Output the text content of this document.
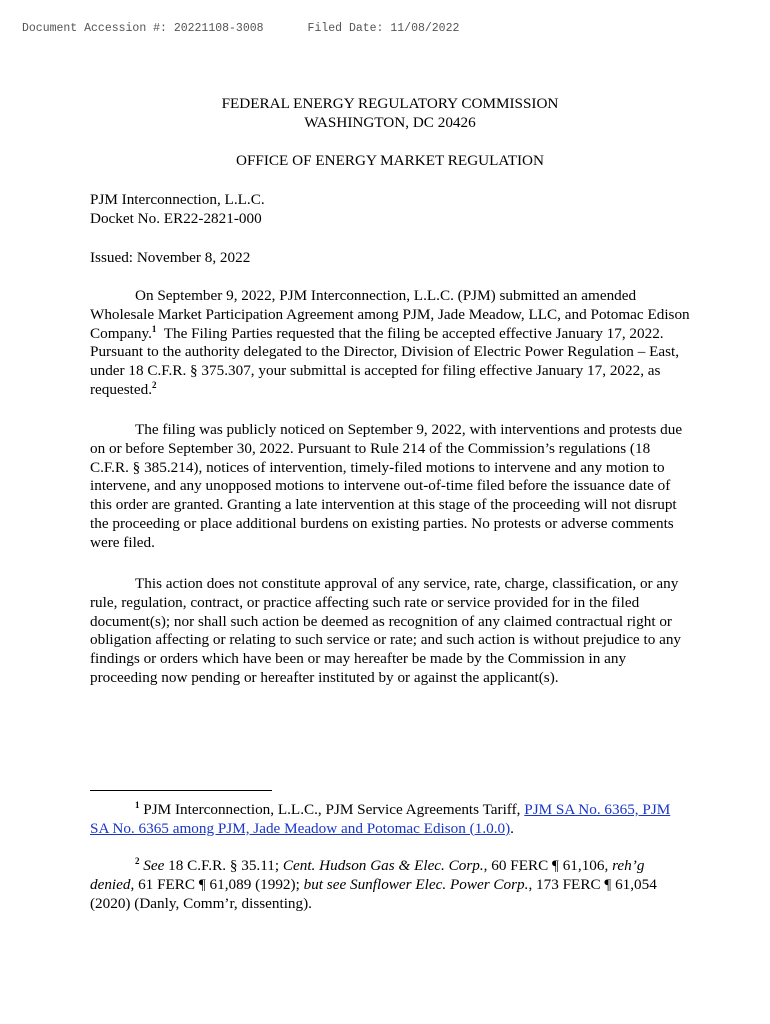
Document Accession #: 20221108-3008	Filed Date: 11/08/2022
FEDERAL ENERGY REGULATORY COMMISSION
WASHINGTON, DC 20426
OFFICE OF ENERGY MARKET REGULATION
PJM Interconnection, L.L.C.
Docket No. ER22-2821-000
Issued: November 8, 2022

On September 9, 2022, PJM Interconnection, L.L.C. (PJM) submitted an amended Wholesale Market Participation Agreement among PJM, Jade Meadow, LLC, and Potomac Edison Company.$^1$  The Filing Parties requested that the filing be accepted effective January 17, 2022.  Pursuant to the authority delegated to the Director, Division of Electric Power Regulation – East, under 18 C.F.R. § 375.307, your submittal is accepted for filing effective January 17, 2022, as requested.$^2$

The filing was publicly noticed on September 9, 2022, with interventions and protests due on or before September 30, 2022. Pursuant to Rule 214 of the Commission’s regulations (18 C.F.R. § 385.214), notices of intervention, timely-filed motions to intervene and any motion to intervene, and any unopposed motions to intervene out-of-time filed before the issuance date of this order are granted. Granting a late intervention at this stage of the proceeding will not disrupt the proceeding or place additional burdens on existing parties. No protests or adverse comments were filed.

This action does not constitute approval of any service, rate, charge, classification, or any rule, regulation, contract, or practice affecting such rate or service provided for in the filed document(s); nor shall such action be deemed as recognition of any claimed contractual right or obligation affecting or relating to such service or rate; and such action is without prejudice to any findings or orders which have been or may hereafter be made by the Commission in any proceeding now pending or hereafter instituted by or against the applicant(s).

$^1$ PJM Interconnection, L.L.C., PJM Service Agreements Tariff, PJM SA No. 6365, PJM SA No. 6365 among PJM, Jade Meadow and Potomac Edison (1.0.0).
$^2$ See 18 C.F.R. § 35.11; Cent. Hudson Gas & Elec. Corp., 60 FERC ¶ 61,106, reh’g denied, 61 FERC ¶ 61,089 (1992); but see Sunflower Elec. Power Corp., 173 FERC ¶ 61,054 (2020) (Danly, Comm’r, dissenting).
